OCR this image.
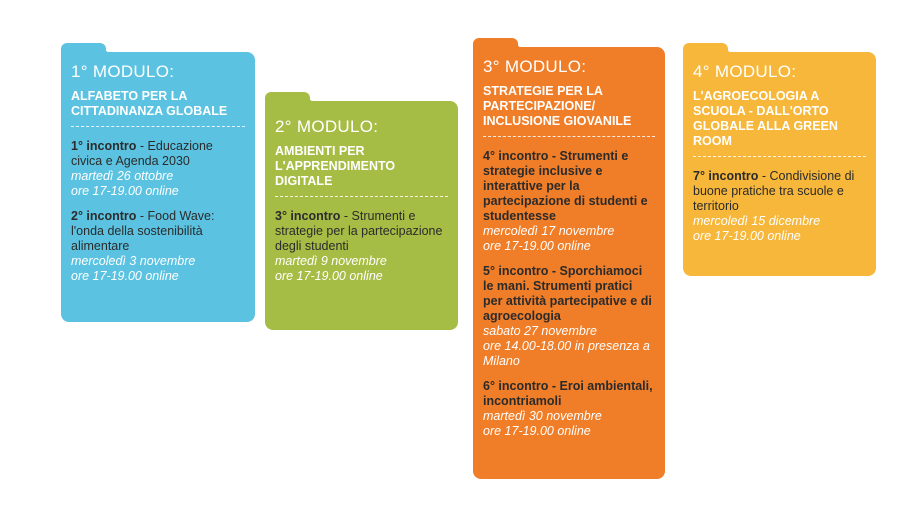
1° MODULO:
ALFABETO PER LA CITTADINANZA GLOBALE
1° incontro - Educazione civica e Agenda 2030
martedì 26 ottobre
ore 17-19.00 online
2° incontro - Food Wave: l'onda della sostenibilità alimentare
mercoledì 3 novembre
ore 17-19.00 online
2° MODULO:
AMBIENTI PER L'APPRENDIMENTO DIGITALE
3° incontro - Strumenti e strategie per la partecipazione degli studenti
martedì 9 novembre
ore 17-19.00 online
3° MODULO:
STRATEGIE PER LA PARTECIPAZIONE/ INCLUSIONE GIOVANILE
4° incontro - Strumenti e strategie inclusive e interattive per la partecipazione di studenti e studentesse
mercoledì 17 novembre
ore 17-19.00 online
5° incontro - Sporchiamoci le mani. Strumenti pratici per attività partecipative e di agroecologia
sabato 27 novembre
ore 14.00-18.00 in presenza a Milano
6° incontro - Eroi ambientali, incontriamoli
martedì 30 novembre
ore 17-19.00 online
4° MODULO:
L'AGROECOLOGIA A SCUOLA - DALL'ORTO GLOBALE ALLA GREEN ROOM
7° incontro - Condivisione di buone pratiche tra scuole e territorio
mercoledì 15 dicembre
ore 17-19.00 online
